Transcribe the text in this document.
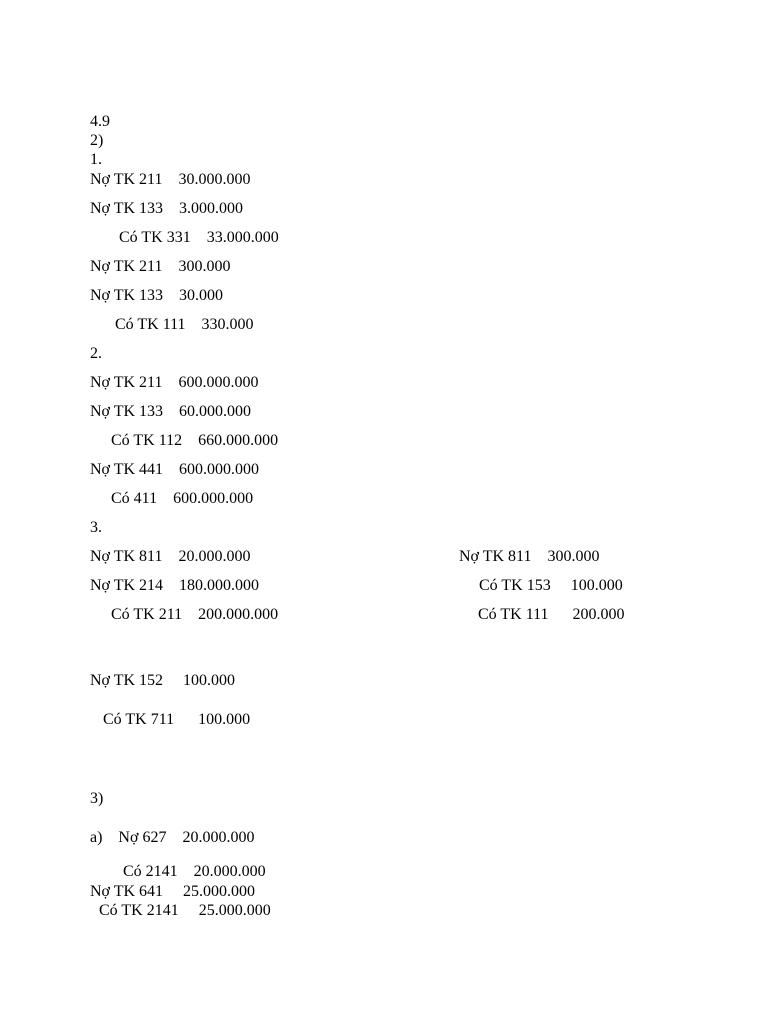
4.9
2)
1.
Nợ TK 211    30.000.000
Nợ TK 133    3.000.000
Có TK 331    33.000.000
Nợ TK 211    300.000
Nợ TK 133    30.000
Có TK 111    330.000
2.
Nợ TK 211    600.000.000
Nợ TK 133    60.000.000
Có TK 112    660.000.000
Nợ TK 441    600.000.000
Có 411    600.000.000
3.
Nợ TK 811    20.000.000
Nợ TK 214    180.000.000
Có TK 211    200.000.000
Nợ TK 811    300.000
Có TK 153     100.000
Có TK 111      200.000
Nợ TK 152     100.000
Có TK 711      100.000
3)
a)    Nợ 627    20.000.000
Có 2141    20.000.000
Nợ TK 641     25.000.000
Có TK 2141     25.000.000
